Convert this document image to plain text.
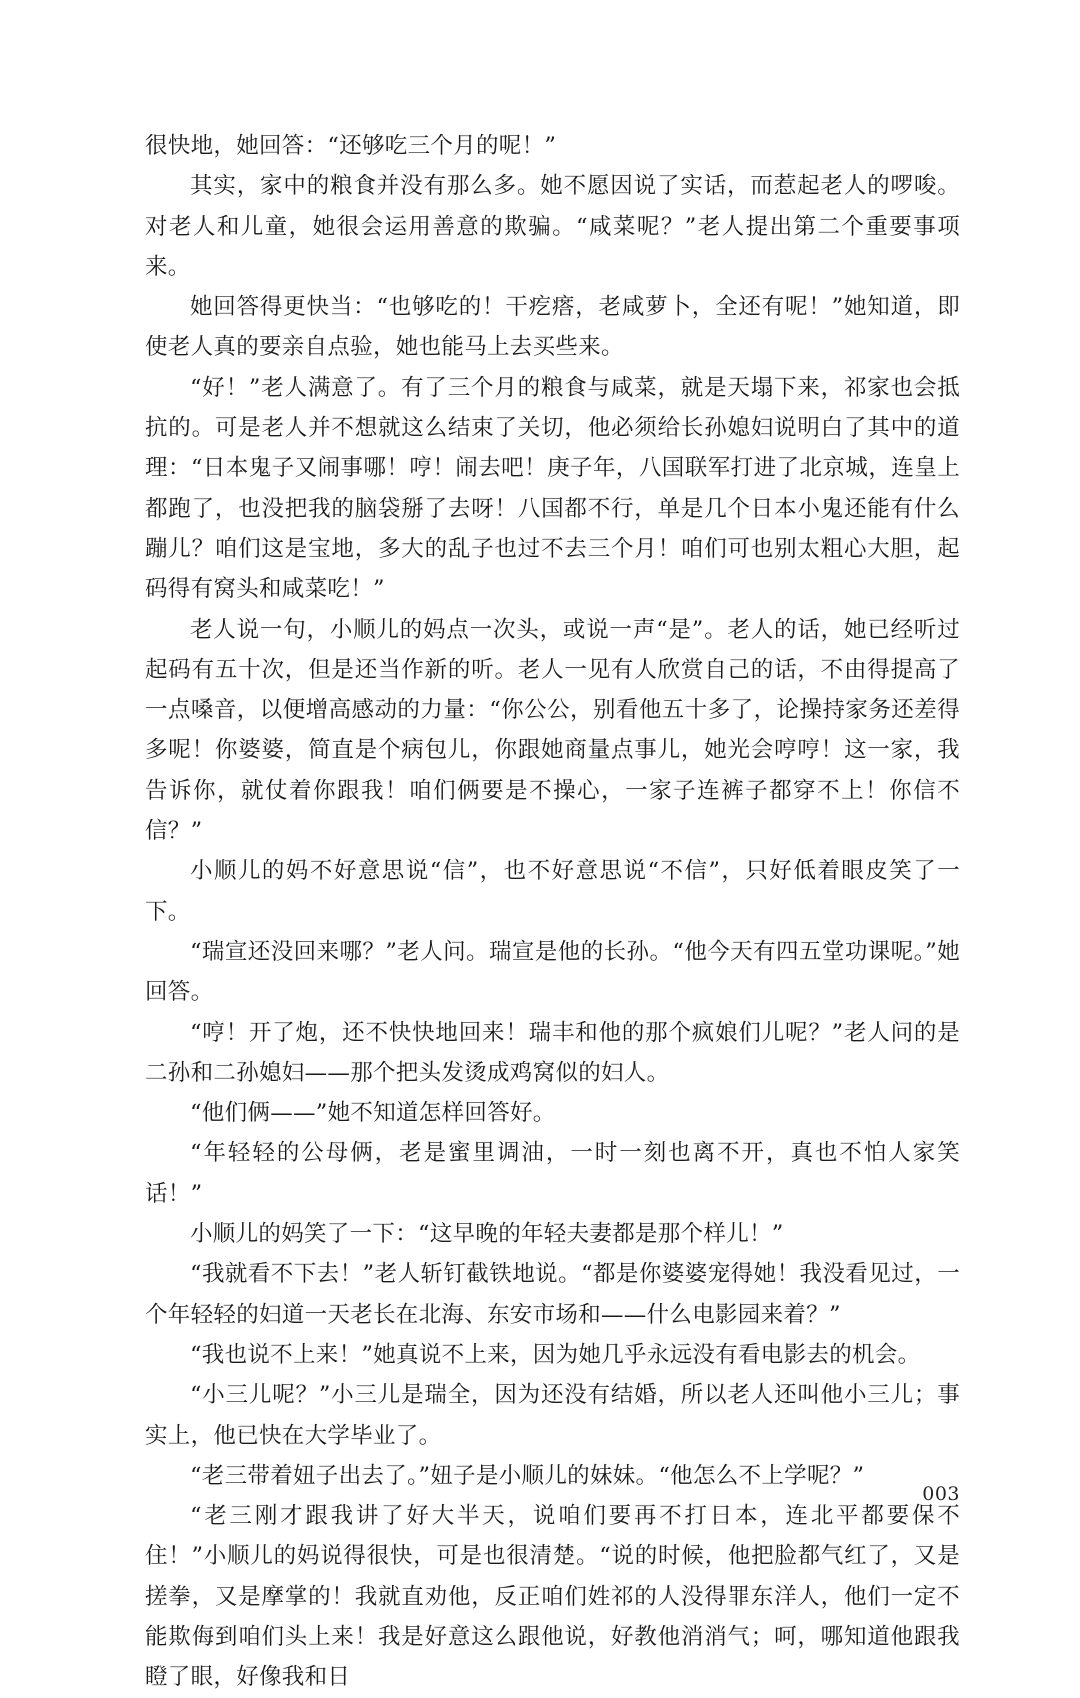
很快地，她回答：“还够吃三个月的呢！”

其实，家中的粮食并没有那么多。她不愿因说了实话，而惹起老人的啰唆。对老人和儿童，她很会运用善意的欺骗。“咸菜呢？”老人提出第二个重要事项来。

她回答得更快当：“也够吃的！干疙瘩，老咸萝卜，全还有呢！”她知道，即使老人真的要亲自点验，她也能马上去买些来。

“好！”老人满意了。有了三个月的粮食与咸菜，就是天塌下来，祁家也会抵抗的。可是老人并不想就这么结束了关切，他必须给长孙媳妇说明白了其中的道理：“日本鬼子又闹事哪！哼！闹去吧！庚子年，八国联军打进了北京城，连皇上都跑了，也没把我的脑袋掰了去呀！八国都不行，单是几个日本小鬼还能有什么蹦儿？咱们这是宝地，多大的乱子也过不去三个月！咱们可也别太粗心大胆，起码得有窝头和咸菜吃！”

老人说一句，小顺儿的妈点一次头，或说一声“是”。老人的话，她已经听过起码有五十次，但是还当作新的听。老人一见有人欣赏自己的话，不由得提高了一点嗓音，以便增高感动的力量：“你公公，别看他五十多了，论操持家务还差得多呢！你婆婆，简直是个病包儿，你跟她商量点事儿，她光会哼哼！这一家，我告诉你，就仗着你跟我！咱们俩要是不操心，一家子连裤子都穿不上！你信不信？”

小顺儿的妈不好意思说“信”，也不好意思说“不信”，只好低着眼皮笑了一下。

“瑞宣还没回来哪？”老人问。瑞宣是他的长孙。“他今天有四五堂功课呢。”她回答。

“哼！开了炮，还不快快地回来！瑞丰和他的那个疯娘们儿呢？”老人问的是二孙和二孙媳妇——那个把头发烫成鸡窝似的妇人。

“他们俩——”她不知道怎样回答好。

“年轻轻的公母俩，老是蜜里调油，一时一刻也离不开，真也不怕人家笑话！”

小顺儿的妈笑了一下：“这早晚的年轻夫妻都是那个样儿！”

“我就看不下去！”老人斩钉截铁地说。“都是你婆婆宠得她！我没看见过，一个年轻轻的妇道一天老长在北海、东安市场和——什么电影园来着？”

“我也说不上来！”她真说不上来，因为她几乎永远没有看电影去的机会。

“小三儿呢？”小三儿是瑞全，因为还没有结婚，所以老人还叫他小三儿；事实上，他已快在大学毕业了。

“老三带着妞子出去了。”妞子是小顺儿的妹妹。“他怎么不上学呢？”

“老三刚才跟我讲了好大半天，说咱们要再不打日本，连北平都要保不住！”小顺儿的妈说得很快，可是也很清楚。“说的时候，他把脸都气红了，又是搓拳，又是摩掌的！我就直劝他，反正咱们姓祁的人没得罪东洋人，他们一定不能欺侮到咱们头上来！我是好意这么跟他说，好教他消消气；呵，哪知道他跟我瞪了眼，好像我和日

003
